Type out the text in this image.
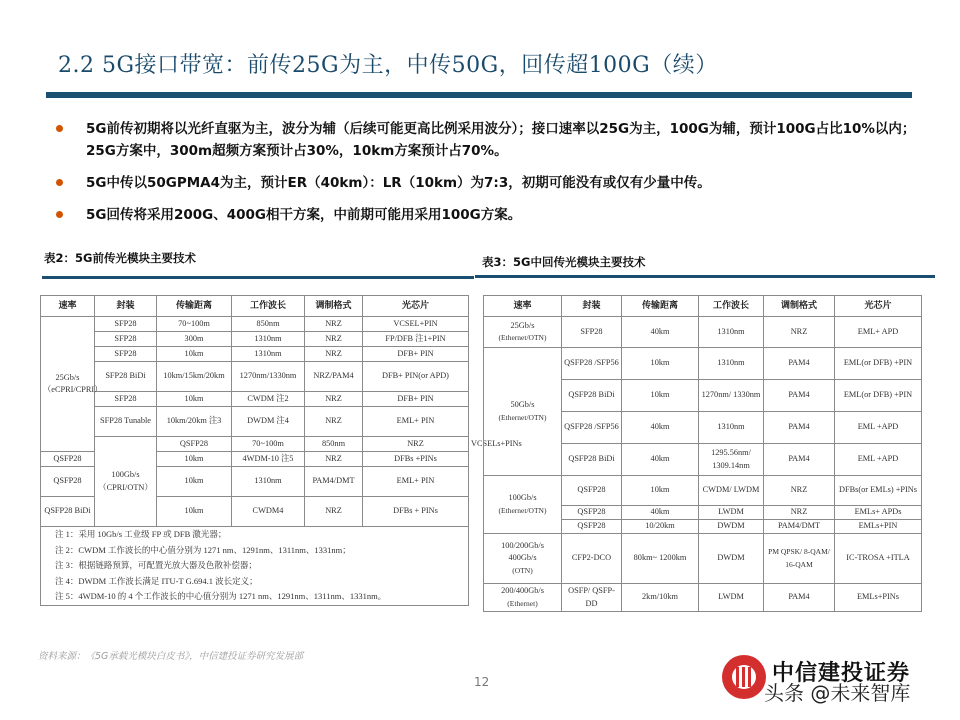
2.2 5G接口带宽：前传25G为主，中传50G，回传超100G（续）
5G前传初期将以光纤直驱为主，波分为辅（后续可能更高比例采用波分）；接口速率以25G为主，100G为辅，预计100G占比10%以内；25G方案中，300m超频方案预计占30%，10km方案预计占70%。
5G中传以50GPMA4为主，预计ER（40km）：LR（10km）为7:3，初期可能没有或仅有少量中传。
5G回传将采用200G、400G相干方案，中前期可能用采用100G方案。
表2：5G前传光模块主要技术
速率	封装	传输距离	工作波长	调制格式	光芯片	
25Gb/s（eCPRI/CPRI）	SFP28	70~100m	850nm	NRZ	VCSEL+PIN	
	SFP28	300m	1310nm	NRZ	FP/DFB 注1+PIN	
	SFP28	10km	1310nm	NRZ	DFB+ PIN	
	SFP28 BiDi	10km/15km/20km	1270nm/1330nm	NRZ/PAM4	DFB+ PIN(or APD)	
	SFP28	10km	CWDM 注2	NRZ	DFB+ PIN	
	SFP28 Tunable	10km/20km 注3	DWDM 注4	NRZ	EML+ PIN	
	100Gb/s（CPRI/OTN）	QSFP28	70~100m	850nm	NRZ	VCSELs+PINs
QSFP28		10km	4WDM-10 注5	NRZ	DFBs +PINs	
QSFP28		10km	1310nm	PAM4/DMT	EML+ PIN	
QSFP28 BiDi		10km	CWDM4	NRZ	DFBs + PINs	

注 1：采用 10Gb/s 工业级 FP 或 DFB 激光器；
注 2：CWDM 工作波长的中心值分别为 1271 nm、1291nm、1311nm、1331nm；
注 3：根据链路预算，可配置光放大器及色散补偿器；
注 4：DWDM 工作波长满足 ITU-T G.694.1 波长定义；
注 5：4WDM-10 的 4 个工作波长的中心值分别为 1271 nm、1291nm、1311nm、1331nm。						
表3：5G中回传光模块主要技术
速率	封装	传输距离	工作波长	调制格式	光芯片

25Gb/s
(Ethernet/OTN)	SFP28	40km	1310nm	NRZ	EML+ APD

50Gb/s
(Ethernet/OTN)	QSFP28 /SFP56	10km	1310nm	PAM4	EML(or DFB) +PIN
	QSFP28 BiDi	10km	1270nm/ 1330nm	PAM4	EML(or DFB) +PIN
	QSFP28 /SFP56	40km	1310nm	PAM4	EML +APD
	QSFP28 BiDi	40km	1295.56nm/ 1309.14nm	PAM4	EML +APD

100Gb/s
(Ethernet/OTN)	QSFP28	10km	CWDM/ LWDM	NRZ	DFBs(or EMLs) +PINs
	QSFP28	40km	LWDM	NRZ	EMLs+ APDs
	QSFP28	10/20km	DWDM	PAM4/DMT	EMLs+PIN

100/200Gb/s 400Gb/s
(OTN)	CFP2-DCO	80km~ 1200km	DWDM	PM QPSK/ 8-QAM/ 16-QAM	IC-TROSA +ITLA

200/400Gb/s
(Ethernet)	OSFP/ QSFP-DD	2km/10km	LWDM	PAM4	EMLs+PINs
资料来源：《5G承载光模块白皮书》，中信建投证券研究发展部
12	中信建投证券
头条 @未来智库
